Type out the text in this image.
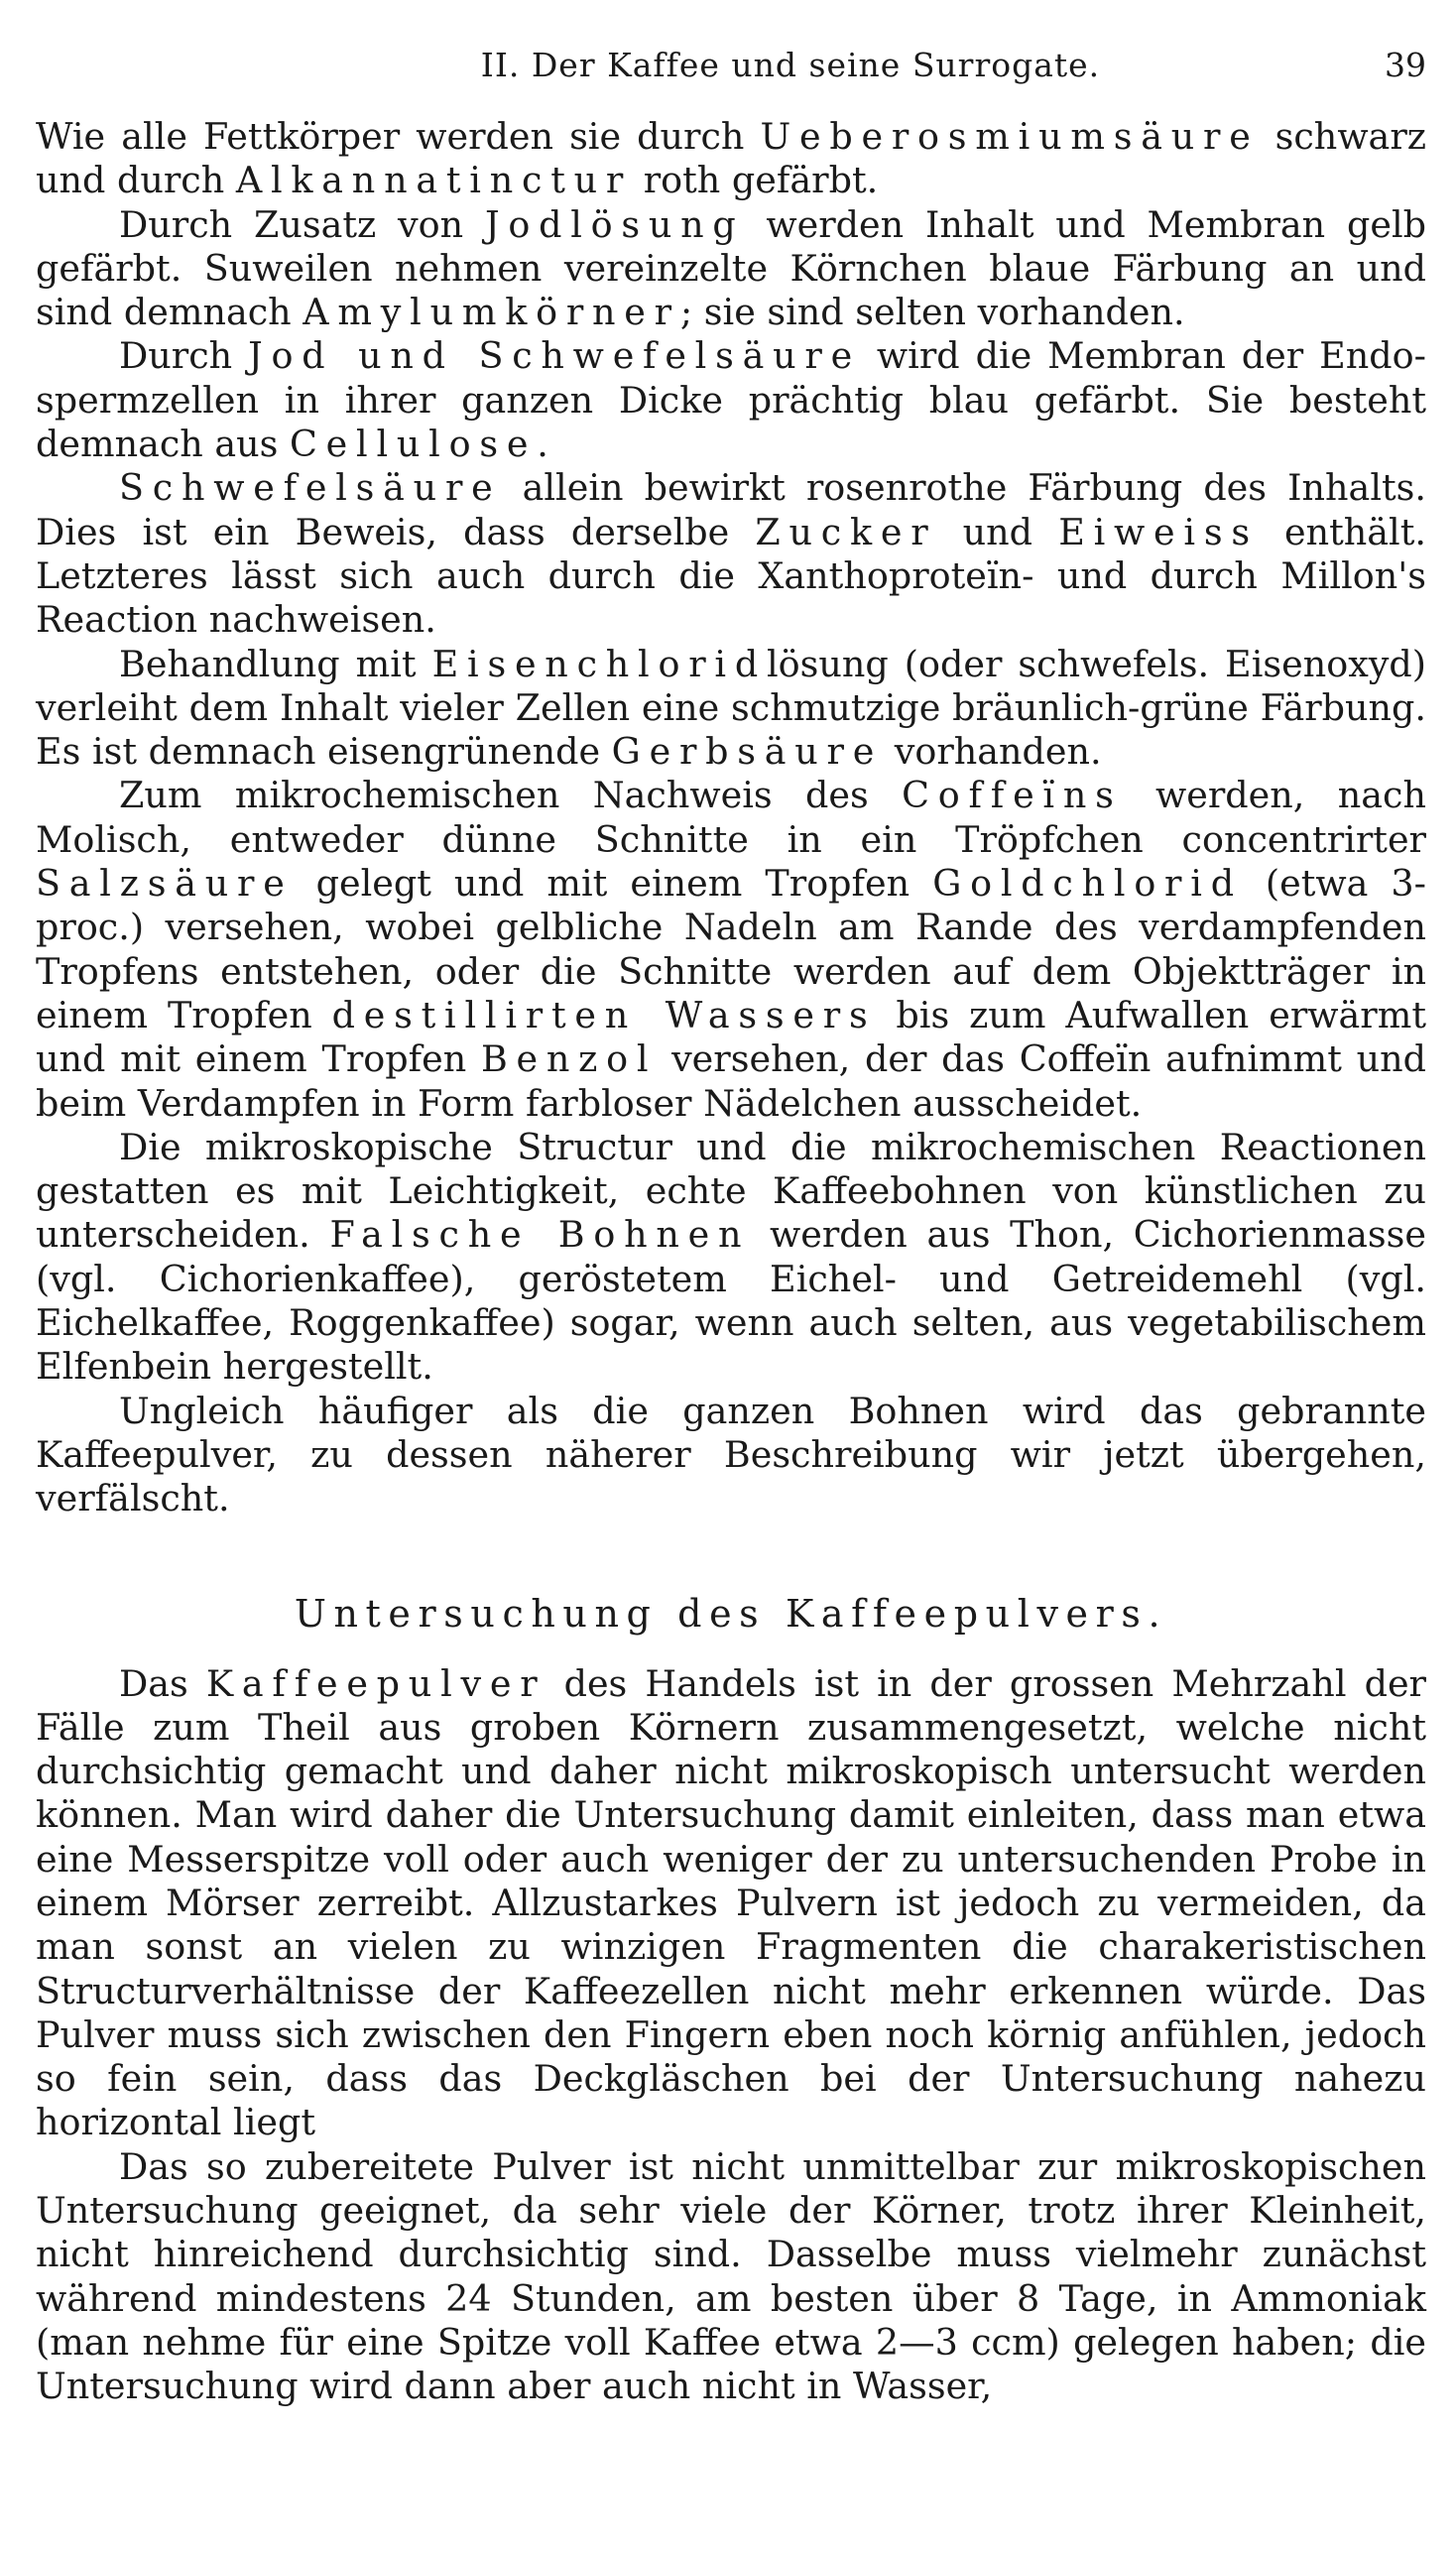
II. Der Kaffee und seine Surrogate.	39

Wie alle Fettkörper werden sie durch Ueberosmiumsäure schwarz und durch Alkannatinctur roth gefärbt.

Durch Zusatz von Jodlösung werden Inhalt und Membran gelb gefärbt. Suweilen nehmen vereinzelte Körnchen blaue Färbung an und sind demnach Amylumkörner; sie sind selten vorhanden.

Durch Jod und Schwefelsäure wird die Membran der Endospermzellen in ihrer ganzen Dicke prächtig blau gefärbt. Sie besteht demnach aus Cellulose.

Schwefelsäure allein bewirkt rosenrothe Färbung des Inhalts. Dies ist ein Beweis, dass derselbe Zucker und Eiweiss enthält. Letzteres lässt sich auch durch die Xanthoproteïn- und durch Millon's Reaction nachweisen.

Behandlung mit Eisenchloridlösung (oder schwefels. Eisenoxyd) verleiht dem Inhalt vieler Zellen eine schmutzige bräunlich-grüne Färbung. Es ist demnach eisengrünende Gerbsäure vorhanden.

Zum mikrochemischen Nachweis des Coffeïns werden, nach Molisch, entweder dünne Schnitte in ein Tröpfchen concentrirter Salzsäure gelegt und mit einem Tropfen Goldchlorid (etwa 3-proc.) versehen, wobei gelbliche Nadeln am Rande des verdampfenden Tropfens entstehen, oder die Schnitte werden auf dem Objektträger in einem Tropfen destillirten Wassers bis zum Aufwallen erwärmt und mit einem Tropfen Benzol versehen, der das Coffeïn aufnimmt und beim Verdampfen in Form farbloser Nädelchen ausscheidet.

Die mikroskopische Structur und die mikrochemischen Reactionen gestatten es mit Leichtigkeit, echte Kaffeebohnen von künstlichen zu unterscheiden. Falsche Bohnen werden aus Thon, Cichorienmasse (vgl. Cichorienkaffee), geröstetem Eichel- und Getreidemehl (vgl. Eichelkaffee, Roggenkaffee) sogar, wenn auch selten, aus vegetabilischem Elfenbein hergestellt.

Ungleich häufiger als die ganzen Bohnen wird das gebrannte Kaffeepulver, zu dessen näherer Beschreibung wir jetzt übergehen, verfälscht.

Untersuchung des Kaffeepulvers.

Das Kaffeepulver des Handels ist in der grossen Mehrzahl der Fälle zum Theil aus groben Körnern zusammengesetzt, welche nicht durchsichtig gemacht und daher nicht mikroskopisch untersucht werden können. Man wird daher die Untersuchung damit einleiten, dass man etwa eine Messerspitze voll oder auch weniger der zu untersuchenden Probe in einem Mörser zerreibt. Allzustarkes Pulvern ist jedoch zu vermeiden, da man sonst an vielen zu winzigen Fragmenten die charakeristischen Structurverhältnisse der Kaffeezellen nicht mehr erkennen würde. Das Pulver muss sich zwischen den Fingern eben noch körnig anfühlen, jedoch so fein sein, dass das Deckgläschen bei der Untersuchung nahezu horizontal liegt

Das so zubereitete Pulver ist nicht unmittelbar zur mikroskopischen Untersuchung geeignet, da sehr viele der Körner, trotz ihrer Kleinheit, nicht hinreichend durchsichtig sind. Dasselbe muss vielmehr zunächst während mindestens 24 Stunden, am besten über 8 Tage, in Ammoniak (man nehme für eine Spitze voll Kaffee etwa 2—3 ccm) gelegen haben; die Untersuchung wird dann aber auch nicht in Wasser,
